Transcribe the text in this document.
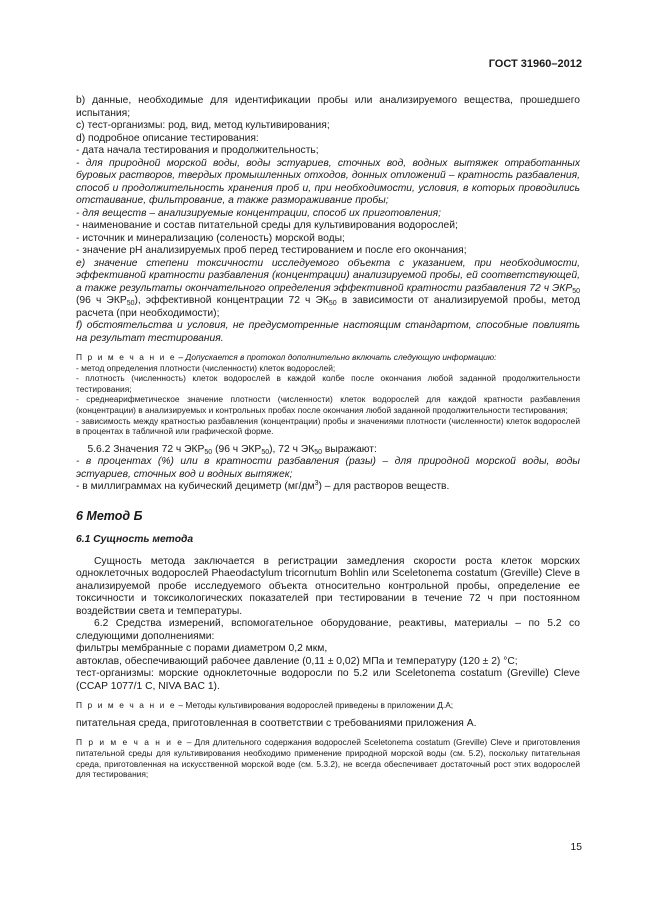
ГОСТ 31960–2012

b) данные, необходимые для идентификации пробы или анализируемого вещества, прошедшего испытания;

c) тест-организмы: род, вид, метод культивирования;

d) подробное описание тестирования:

- дата начала тестирования и продолжительность;

- для природной морской воды, воды эстуариев, сточных вод, водных вытяжек отработанных буровых растворов, твердых промышленных отходов, донных отложений – кратность разбавления, способ и продолжительность хранения проб и, при необходимости, условия, в которых проводились отстаивание, фильтрование, а также размораживание пробы;

- для веществ – анализируемые концентрации, способ их приготовления;

- наименование и состав питательной среды для культивирования водорослей;

- источник и минерализацию (соленость) морской воды;

- значение pH анализируемых проб перед тестированием и после его окончания;

e) значение степени токсичности исследуемого объекта с указанием, при необходимости, эффективной кратности разбавления (концентрации) анализируемой пробы, ей соответствующей, а также результаты окончательного определения эффективной кратности разбавления 72 ч $ЭКР_{50}$ (96 ч $ЭКР_{50}$), эффективной концентрации 72 ч $ЭК_{50}$ в зависимости от анализируемой пробы, метод расчета (при необходимости);

f) обстоятельства и условия, не предусмотренные настоящим стандартом, способные повлиять на результат тестирования.

П р и м е ч а н и е – Допускается в протокол дополнительно включать следующую информацию:

- метод определения плотности (численности) клеток водорослей;

- плотность (численность) клеток водорослей в каждой колбе после окончания любой заданной продолжительности тестирования;

- среднеарифметическое значение плотности (численности) клеток водорослей для каждой кратности разбавления (концентрации) в анализируемых и контрольных пробах после окончания любой заданной продолжительности тестирования;

- зависимость между кратностью разбавления (концентрации) пробы и значениями плотности (численности) клеток водорослей в процентах в табличной или графической форме.

5.6.2 Значения 72 ч $ЭКР_{50}$ (96 ч $ЭКР_{50}$), 72 ч $ЭК_{50}$ выражают:

- в процентах (%) или в кратности разбавления (разы) – для природной морской воды, воды эстуариев, сточных вод и водных вытяжек;

- в миллиграммах на кубический дециметр $(мг/дм^3)$ – для растворов веществ.

6 Метод Б

6.1 Сущность метода

Сущность метода заключается в регистрации замедления скорости роста клеток морских одноклеточных водорослей Phaeodactylum tricornutum Bohlin или Sceletonema costatum (Greville) Cleve в анализируемой пробе исследуемого объекта относительно контрольной пробы, определение ее токсичности и токсикологических показателей при тестировании в течение 72 ч при постоянном воздействии света и температуры.

6.2 Средства измерений, вспомогательное оборудование, реактивы, материалы – по 5.2 со следующими дополнениями:

фильтры мембранные с порами диаметром 0,2 мкм,

автоклав, обеспечивающий рабочее давление (0,11 ± 0,02) МПа и температуру (120 ± 2) °С;

тест-организмы: морские одноклеточные водоросли по 5.2 или Sceletonema costatum (Greville) Cleve (CCAP 1077/1 C, NIVA BAC 1).

П р и м е ч а н и е – Методы культивирования водорослей приведены в приложении Д.А;

питательная среда, приготовленная в соответствии с требованиями приложения А.

П р и м е ч а н и е – Для длительного содержания водорослей Sceletonema costatum (Greville) Cleve и приготовления питательной среды для культивирования необходимо применение природной морской воды (см. 5.2), поскольку питательная среда, приготовленная на искусственной морской воде (см. 5.3.2), не всегда обеспечивает достаточный рост этих водорослей для тестирования;

15
